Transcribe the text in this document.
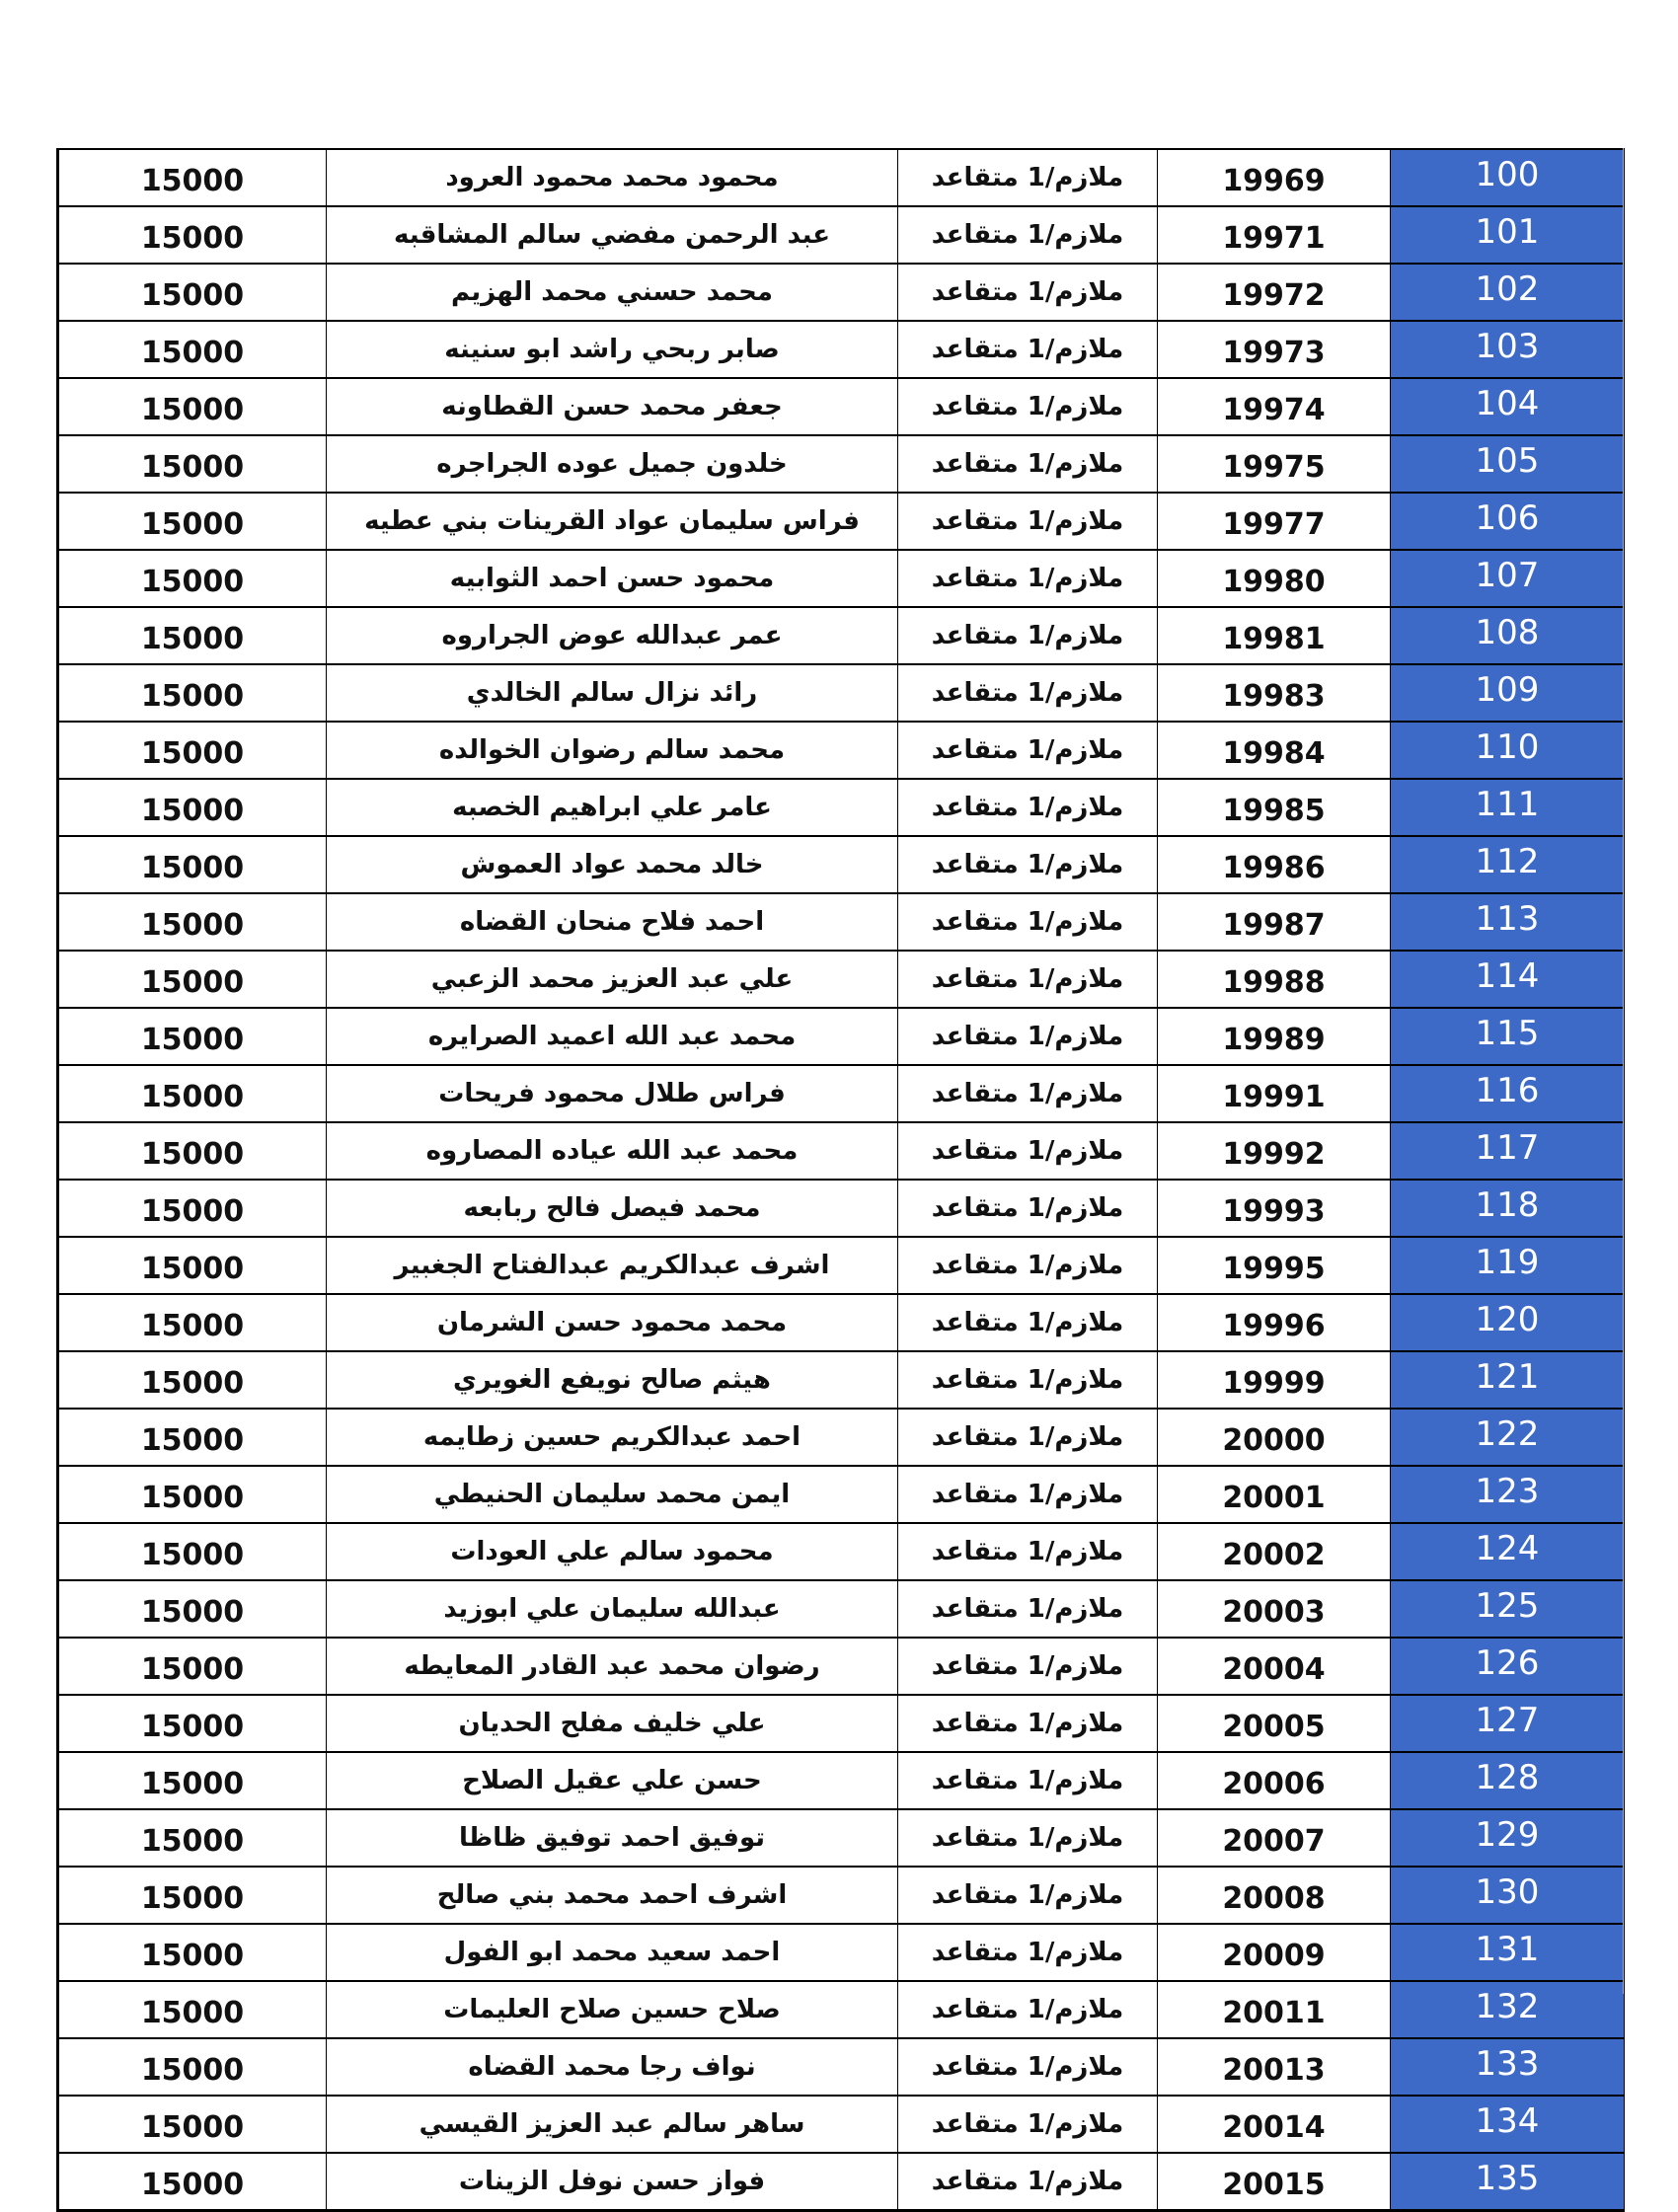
15000	محمود محمد محمود العرود	ملازم/1 متقاعد	19969	100
15000	عبد الرحمن مفضي سالم المشاقبه	ملازم/1 متقاعد	19971	101
15000	محمد حسني محمد الهزيم	ملازم/1 متقاعد	19972	102
15000	صابر ربحي راشد ابو سنينه	ملازم/1 متقاعد	19973	103
15000	جعفر محمد حسن القطاونه	ملازم/1 متقاعد	19974	104
15000	خلدون جميل عوده الجراجره	ملازم/1 متقاعد	19975	105
15000	فراس سليمان عواد القرينات بني عطيه	ملازم/1 متقاعد	19977	106
15000	محمود حسن احمد الثوابيه	ملازم/1 متقاعد	19980	107
15000	عمر عبدالله عوض الجراروه	ملازم/1 متقاعد	19981	108
15000	رائد نزال سالم الخالدي	ملازم/1 متقاعد	19983	109
15000	محمد سالم رضوان الخوالده	ملازم/1 متقاعد	19984	110
15000	عامر علي ابراهيم الخصبه	ملازم/1 متقاعد	19985	111
15000	خالد محمد عواد العموش	ملازم/1 متقاعد	19986	112
15000	احمد فلاح منحان القضاه	ملازم/1 متقاعد	19987	113
15000	علي عبد العزيز محمد الزعبي	ملازم/1 متقاعد	19988	114
15000	محمد عبد الله اعميد الصرايره	ملازم/1 متقاعد	19989	115
15000	فراس طلال محمود فريحات	ملازم/1 متقاعد	19991	116
15000	محمد عبد الله عياده المصاروه	ملازم/1 متقاعد	19992	117
15000	محمد فيصل فالح ربابعه	ملازم/1 متقاعد	19993	118
15000	اشرف عبدالكريم عبدالفتاح الجغبير	ملازم/1 متقاعد	19995	119
15000	محمد محمود حسن الشرمان	ملازم/1 متقاعد	19996	120
15000	هيثم صالح نويفع الغويري	ملازم/1 متقاعد	19999	121
15000	احمد عبدالكريم حسين زطايمه	ملازم/1 متقاعد	20000	122
15000	ايمن محمد سليمان الحنيطي	ملازم/1 متقاعد	20001	123
15000	محمود سالم علي العودات	ملازم/1 متقاعد	20002	124
15000	عبدالله سليمان علي ابوزيد	ملازم/1 متقاعد	20003	125
15000	رضوان محمد عبد القادر المعايطه	ملازم/1 متقاعد	20004	126
15000	علي خليف مفلح الحديان	ملازم/1 متقاعد	20005	127
15000	حسن علي عقيل الصلاح	ملازم/1 متقاعد	20006	128
15000	توفيق احمد توفيق ظاظا	ملازم/1 متقاعد	20007	129
15000	اشرف احمد محمد بني صالح	ملازم/1 متقاعد	20008	130
15000	احمد سعيد محمد ابو الفول	ملازم/1 متقاعد	20009	131
15000	صلاح حسين صلاح العليمات	ملازم/1 متقاعد	20011	132
15000	نواف رجا محمد القضاه	ملازم/1 متقاعد	20013	133
15000	ساهر سالم عبد العزيز القيسي	ملازم/1 متقاعد	20014	134
15000	فواز حسن نوفل الزينات	ملازم/1 متقاعد	20015	135
